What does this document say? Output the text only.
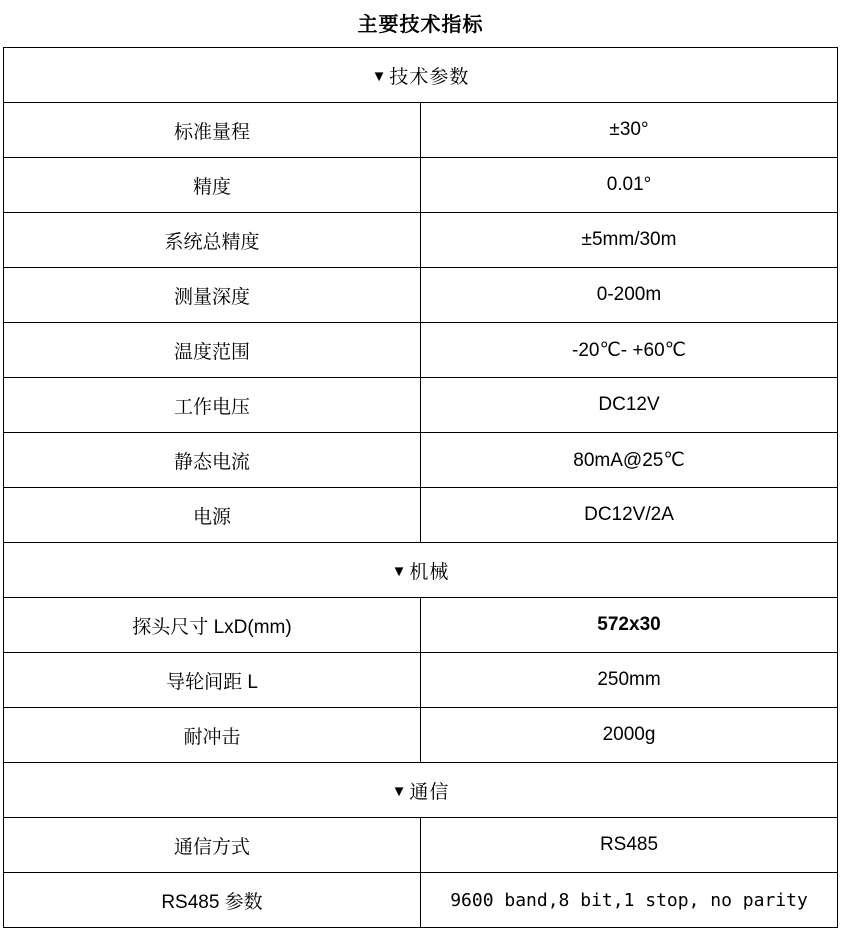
主要技术指标
▼ 技术参数	
标准量程	±30°
精度	0.01°
系统总精度	±5mm/30m
测量深度	0-200m
温度范围	-20℃- +60℃
工作电压	DC12V
静态电流	80mA@25℃
电源	DC12V/2A
▼ 机械	
探头尺寸 LxD(mm)	572x30
导轮间距 L	250mm
耐冲击	2000g
▼ 通信	
通信方式	RS485
RS485 参数	9600 band,8 bit,1 stop, no parity
